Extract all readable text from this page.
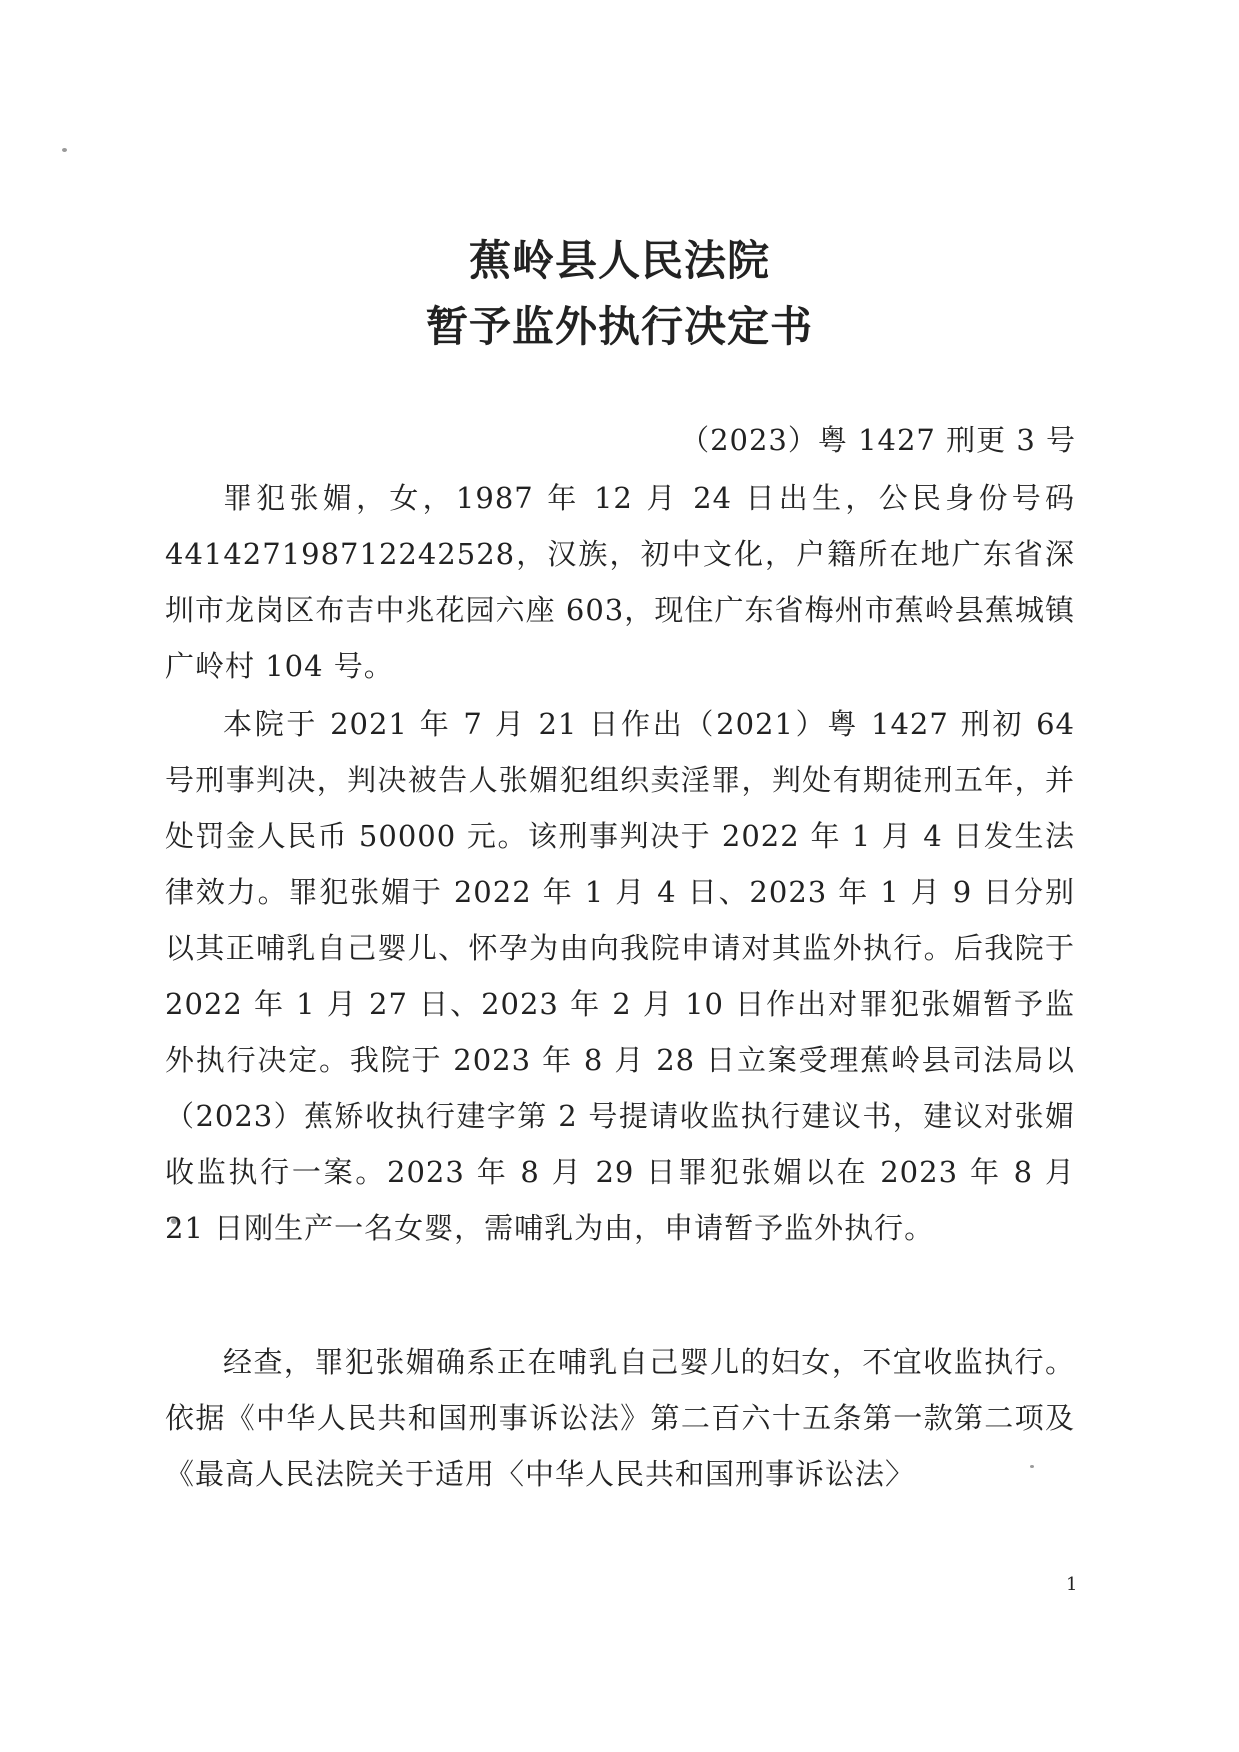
蕉岭县人民法院
暂予监外执行决定书
（2023）粤 1427 刑更 3 号
罪犯张媚，女，1987 年 12 月 24 日出生，公民身份号码 441427198712242528，汉族，初中文化，户籍所在地广东省深圳市龙岗区布吉中兆花园六座 603，现住广东省梅州市蕉岭县蕉城镇广岭村 104 号。
本院于 2021 年 7 月 21 日作出（2021）粤 1427 刑初 64 号刑事判决，判决被告人张媚犯组织卖淫罪，判处有期徒刑五年，并处罚金人民币 50000 元。该刑事判决于 2022 年 1 月 4 日发生法律效力。罪犯张媚于 2022 年 1 月 4 日、2023 年 1 月 9 日分别以其正哺乳自己婴儿、怀孕为由向我院申请对其监外执行。后我院于 2022 年 1 月 27 日、2023 年 2 月 10 日作出对罪犯张媚暂予监外执行决定。我院于 2023 年 8 月 28 日立案受理蕉岭县司法局以（2023）蕉矫收执行建字第 2 号提请收监执行建议书，建议对张媚收监执行一案。2023 年 8 月 29 日罪犯张媚以在 2023 年 8 月 21 日刚生产一名女婴，需哺乳为由，申请暂予监外执行。
经查，罪犯张媚确系正在哺乳自己婴儿的妇女，不宜收监执行。依据《中华人民共和国刑事诉讼法》第二百六十五条第一款第二项及《最高人民法院关于适用〈中华人民共和国刑事诉讼法〉
1
